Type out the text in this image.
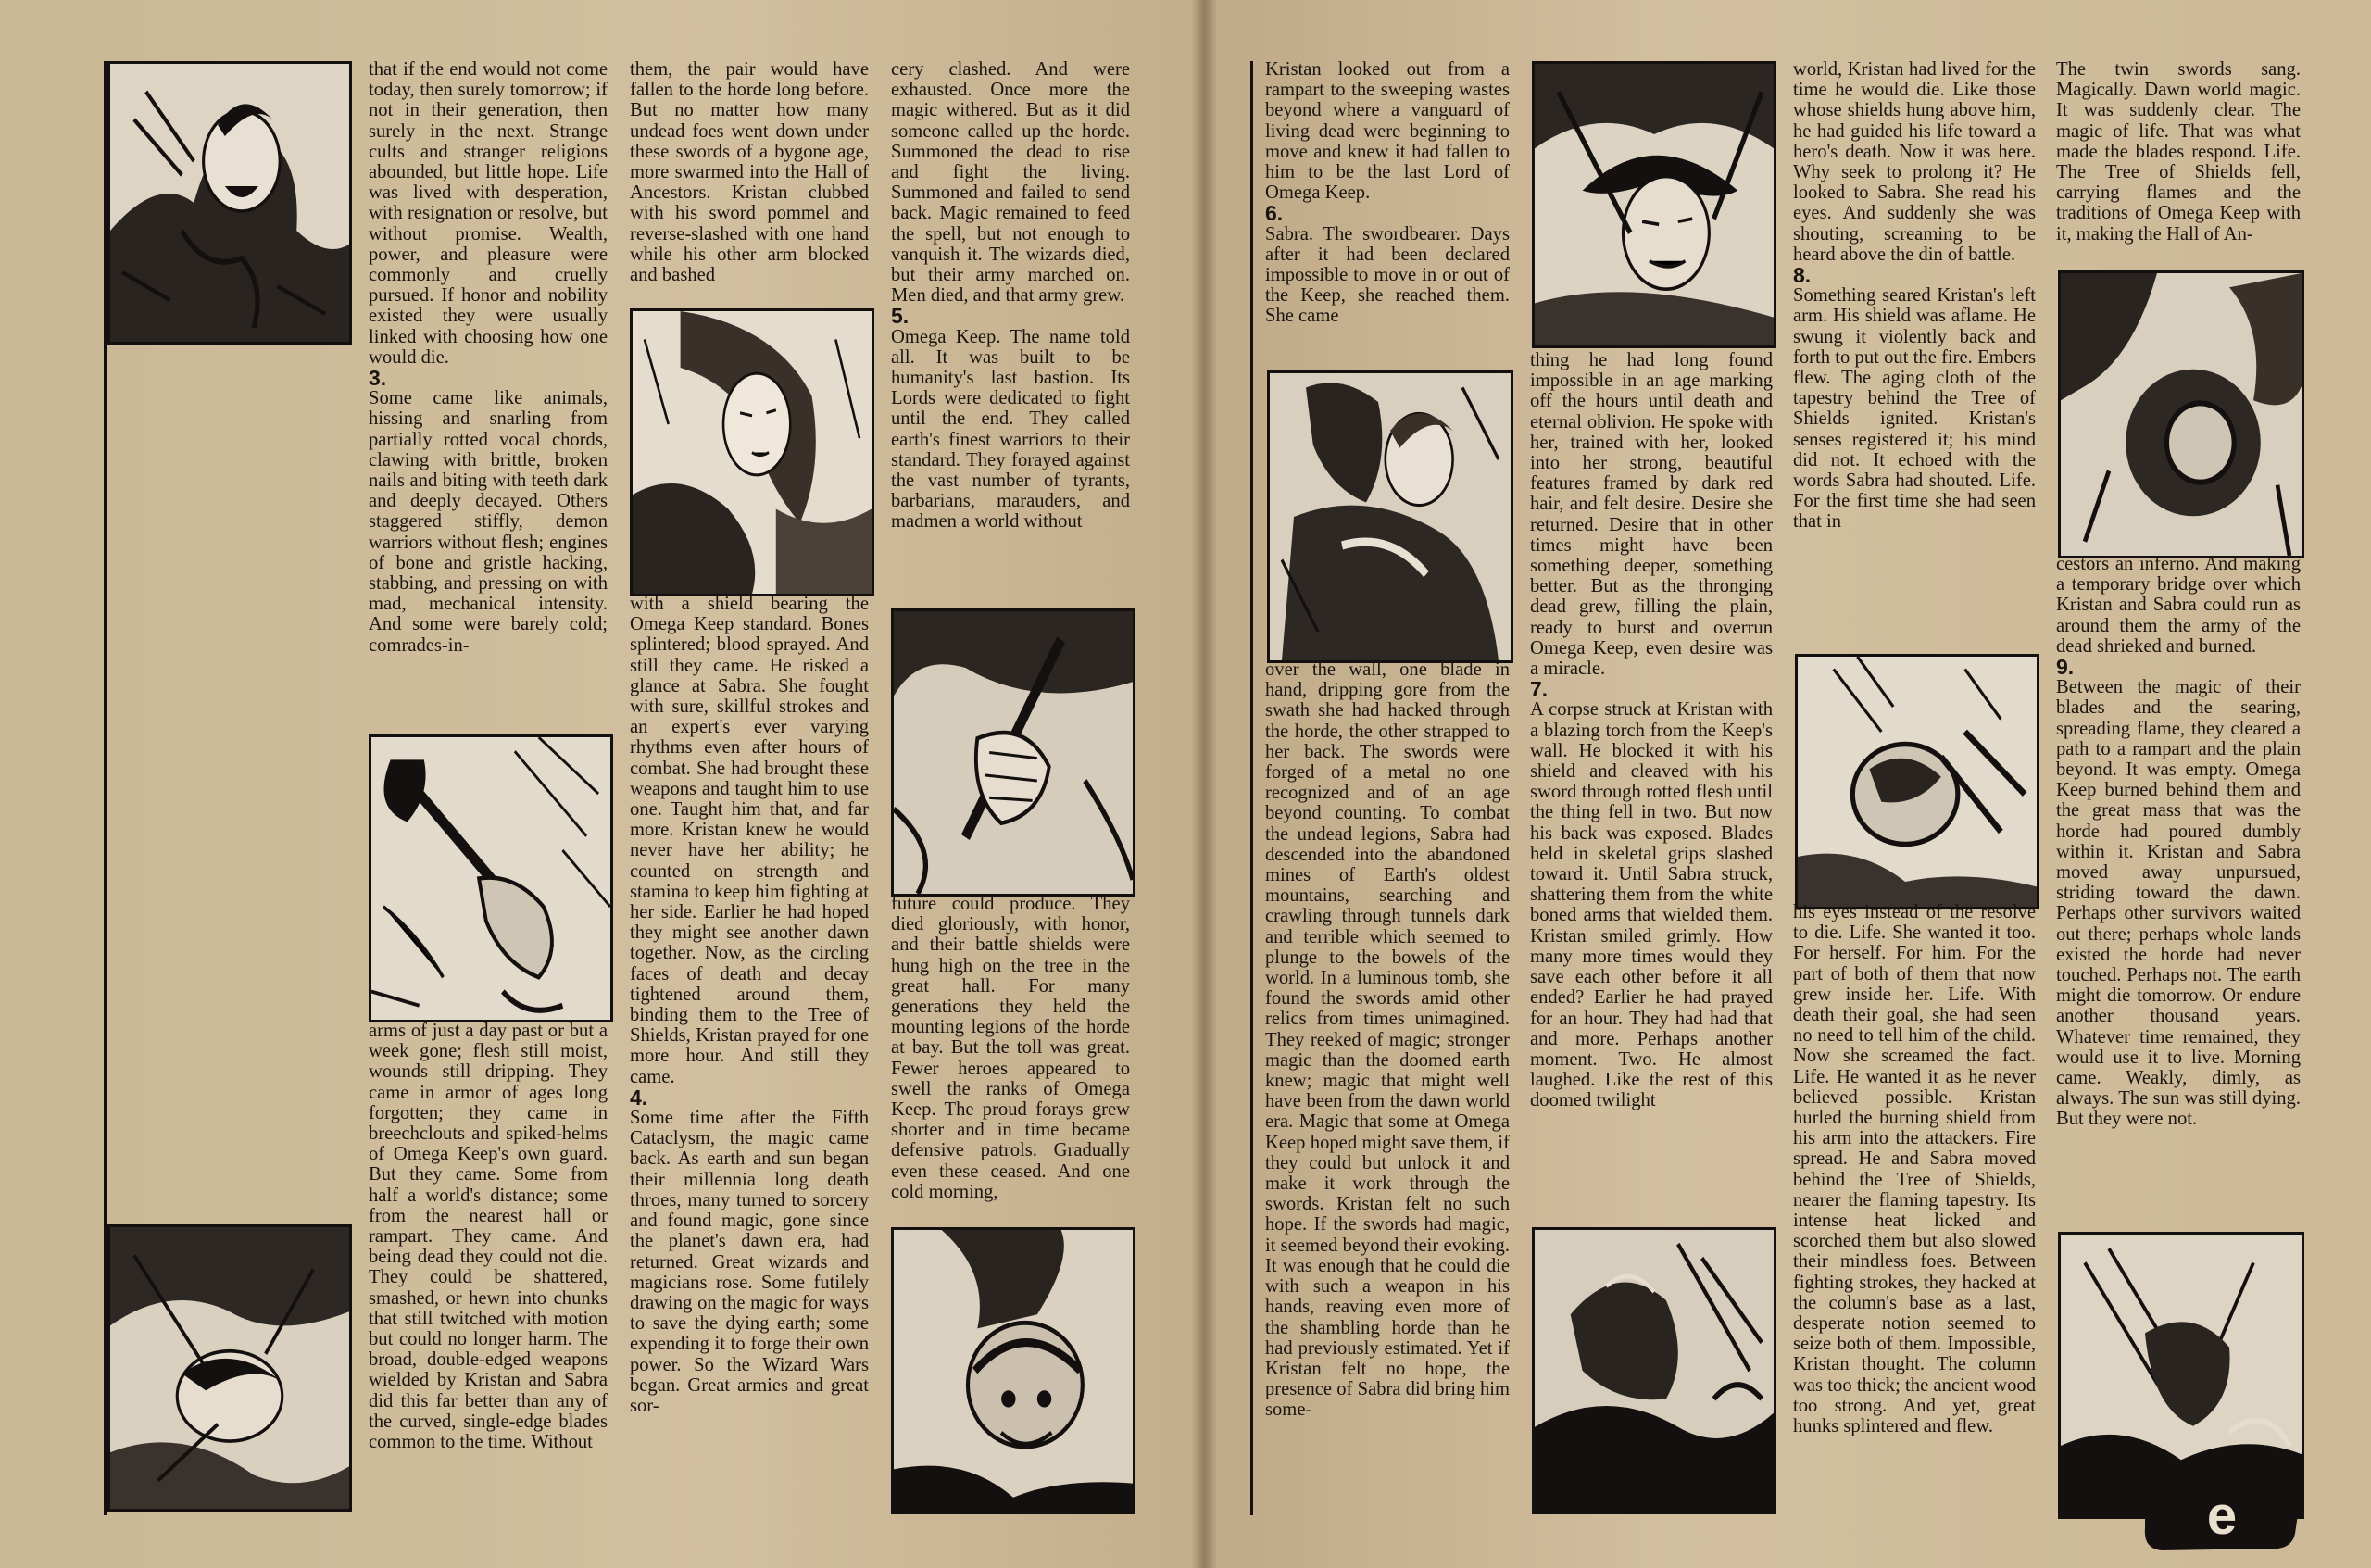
that if the end would not come today, then surely tomorrow; if not in their generation, then surely in the next. Strange cults and stranger religions abounded, but little hope. Life was lived with desperation, with resignation or resolve, but without promise. Wealth, power, and pleasure were commonly and cruelly pursued. If honor and nobility existed they were usually linked with choosing how one would die.

3.

Some came like animals, hissing and snarling from partially rotted vocal chords, clawing with brittle, broken nails and biting with teeth dark and deeply decayed. Others staggered stiffly, demon warriors without flesh; engines of bone and gristle hacking, stabbing, and pressing on with mad, mechanical intensity. And some were barely cold; comrades-in-

arms of just a day past or but a week gone; flesh still moist, wounds still dripping. They came in armor of ages long forgotten; they came in breechclouts and spiked-helms of Omega Keep's own guard. But they came. Some from half a world's distance; some from the nearest hall or rampart. They came. And being dead they could not die. They could be shattered, smashed, or hewn into chunks that still twitched with motion but could no longer harm. The broad, double-edged weapons wielded by Kristan and Sabra did this far better than any of the curved, single-edge blades common to the time. Without

them, the pair would have fallen to the horde long before. But no matter how many undead foes went down under these swords of a bygone age, more swarmed into the Hall of Ancestors. Kristan clubbed with his sword pommel and reverse-slashed with one hand while his other arm blocked and bashed

with a shield bearing the Omega Keep standard. Bones splintered; blood sprayed. And still they came. He risked a glance at Sabra. She fought with sure, skillful strokes and an expert's ever varying rhythms even after hours of combat. She had brought these weapons and taught him to use one. Taught him that, and far more. Kristan knew he would never have her ability; he counted on strength and stamina to keep him fighting at her side. Earlier he had hoped they might see another dawn together. Now, as the circling faces of death and decay tightened around them, binding them to the Tree of Shields, Kristan prayed for one more hour. And still they came.

4.

Some time after the Fifth Cataclysm, the magic came back. As earth and sun began their millennia long death throes, many turned to sorcery and found magic, gone since the planet's dawn era, had returned. Great wizards and magicians rose. Some futilely drawing on the magic for ways to save the dying earth; some expending it to forge their own power. So the Wizard Wars began. Great armies and great sor-

cery clashed. And were exhausted. Once more the magic withered. But as it did someone called up the horde. Summoned the dead to rise and fight the living. Summoned and failed to send back. Magic remained to feed the spell, but not enough to vanquish it. The wizards died, but their army marched on. Men died, and that army grew.

5.

Omega Keep. The name told all. It was built to be humanity's last bastion. Its Lords were dedicated to fight until the end. They called earth's finest warriors to their standard. They forayed against the vast number of tyrants, barbarians, marauders, and madmen a world without

future could produce. They died gloriously, with honor, and their battle shields were hung high on the tree in the great hall. For many generations they held the mounting legions of the horde at bay. But the toll was great. Fewer heroes appeared to swell the ranks of Omega Keep. The proud forays grew shorter and in time became defensive patrols. Gradually even these ceased. And one cold morning,

Kristan looked out from a rampart to the sweeping wastes beyond where a vanguard of living dead were beginning to move and knew it had fallen to him to be the last Lord of Omega Keep.

6.

Sabra. The swordbearer. Days after it had been declared impossible to move in or out of the Keep, she reached them. She came

over the wall, one blade in hand, dripping gore from the swath she had hacked through the horde, the other strapped to her back. The swords were forged of a metal no one recognized and of an age beyond counting. To combat the undead legions, Sabra had descended into the abandoned mines of Earth's oldest mountains, searching and crawling through tunnels dark and terrible which seemed to plunge to the bowels of the world. In a luminous tomb, she found the swords amid other relics from times unimagined. They reeked of magic; stronger magic than the doomed earth knew; magic that might well have been from the dawn world era. Magic that some at Omega Keep hoped might save them, if they could but unlock it and make it work through the swords. Kristan felt no such hope. If the swords had magic, it seemed beyond their evoking. It was enough that he could die with such a weapon in his hands, reaving even more of the shambling horde than he had previously estimated. Yet if Kristan felt no hope, the presence of Sabra did bring him some-

thing he had long found impossible in an age marking off the hours until death and eternal oblivion. He spoke with her, trained with her, looked into her strong, beautiful features framed by dark red hair, and felt desire. Desire she returned. Desire that in other times might have been something deeper, something better. But as the thronging dead grew, filling the plain, ready to burst and overrun Omega Keep, even desire was a miracle.

7.

A corpse struck at Kristan with a blazing torch from the Keep's wall. He blocked it with his shield and cleaved with his sword through rotted flesh until the thing fell in two. But now his back was exposed. Blades held in skeletal grips slashed toward it. Until Sabra struck, shattering them from the white boned arms that wielded them. Kristan smiled grimly. How many more times would they save each other before it all ended? Earlier he had prayed for an hour. They had had that and more. Perhaps another moment. Two. He almost laughed. Like the rest of this doomed twilight

world, Kristan had lived for the time he would die. Like those whose shields hung above him, he had guided his life toward a hero's death. Now it was here. Why seek to prolong it? He looked to Sabra. She read his eyes. And suddenly she was shouting, screaming to be heard above the din of battle.

8.

Something seared Kristan's left arm. His shield was aflame. He swung it violently back and forth to put out the fire. Embers flew. The aging cloth of the tapestry behind the Tree of Shields ignited. Kristan's senses registered it; his mind did not. It echoed with the words Sabra had shouted. Life. For the first time she had seen that in

his eyes instead of the resolve to die. Life. She wanted it too. For herself. For him. For the part of both of them that now grew inside her. Life. With death their goal, she had seen no need to tell him of the child. Now she screamed the fact. Life. He wanted it as he never believed possible. Kristan hurled the burning shield from his arm into the attackers. Fire spread. He and Sabra moved behind the Tree of Shields, nearer the flaming tapestry. Its intense heat licked and scorched them but also slowed their mindless foes. Between fighting strokes, they hacked at the column's base as a last, desperate notion seemed to seize both of them. Impossible, Kristan thought. The column was too thick; the ancient wood too strong. And yet, great hunks splintered and flew.

The twin swords sang. Magically. Dawn world magic. It was suddenly clear. The magic of life. That was what made the blades respond. Life. The Tree of Shields fell, carrying flames and the traditions of Omega Keep with it, making the Hall of An-

cestors an inferno. And making a temporary bridge over which Kristan and Sabra could run as around them the army of the dead shrieked and burned.

9.

Between the magic of their blades and the searing, spreading flame, they cleared a path to a rampart and the plain beyond. It was empty. Omega Keep burned behind them and the great mass that was the horde had poured dumbly within it. Kristan and Sabra moved away unpursued, striding toward the dawn. Perhaps other survivors waited out there; perhaps whole lands existed the horde had never touched. Perhaps not. The earth might die tomorrow. Or endure another thousand years. Whatever time remained, they would use it to live. Morning came. Weakly, dimly, as always. The sun was still dying. But they were not.

e
